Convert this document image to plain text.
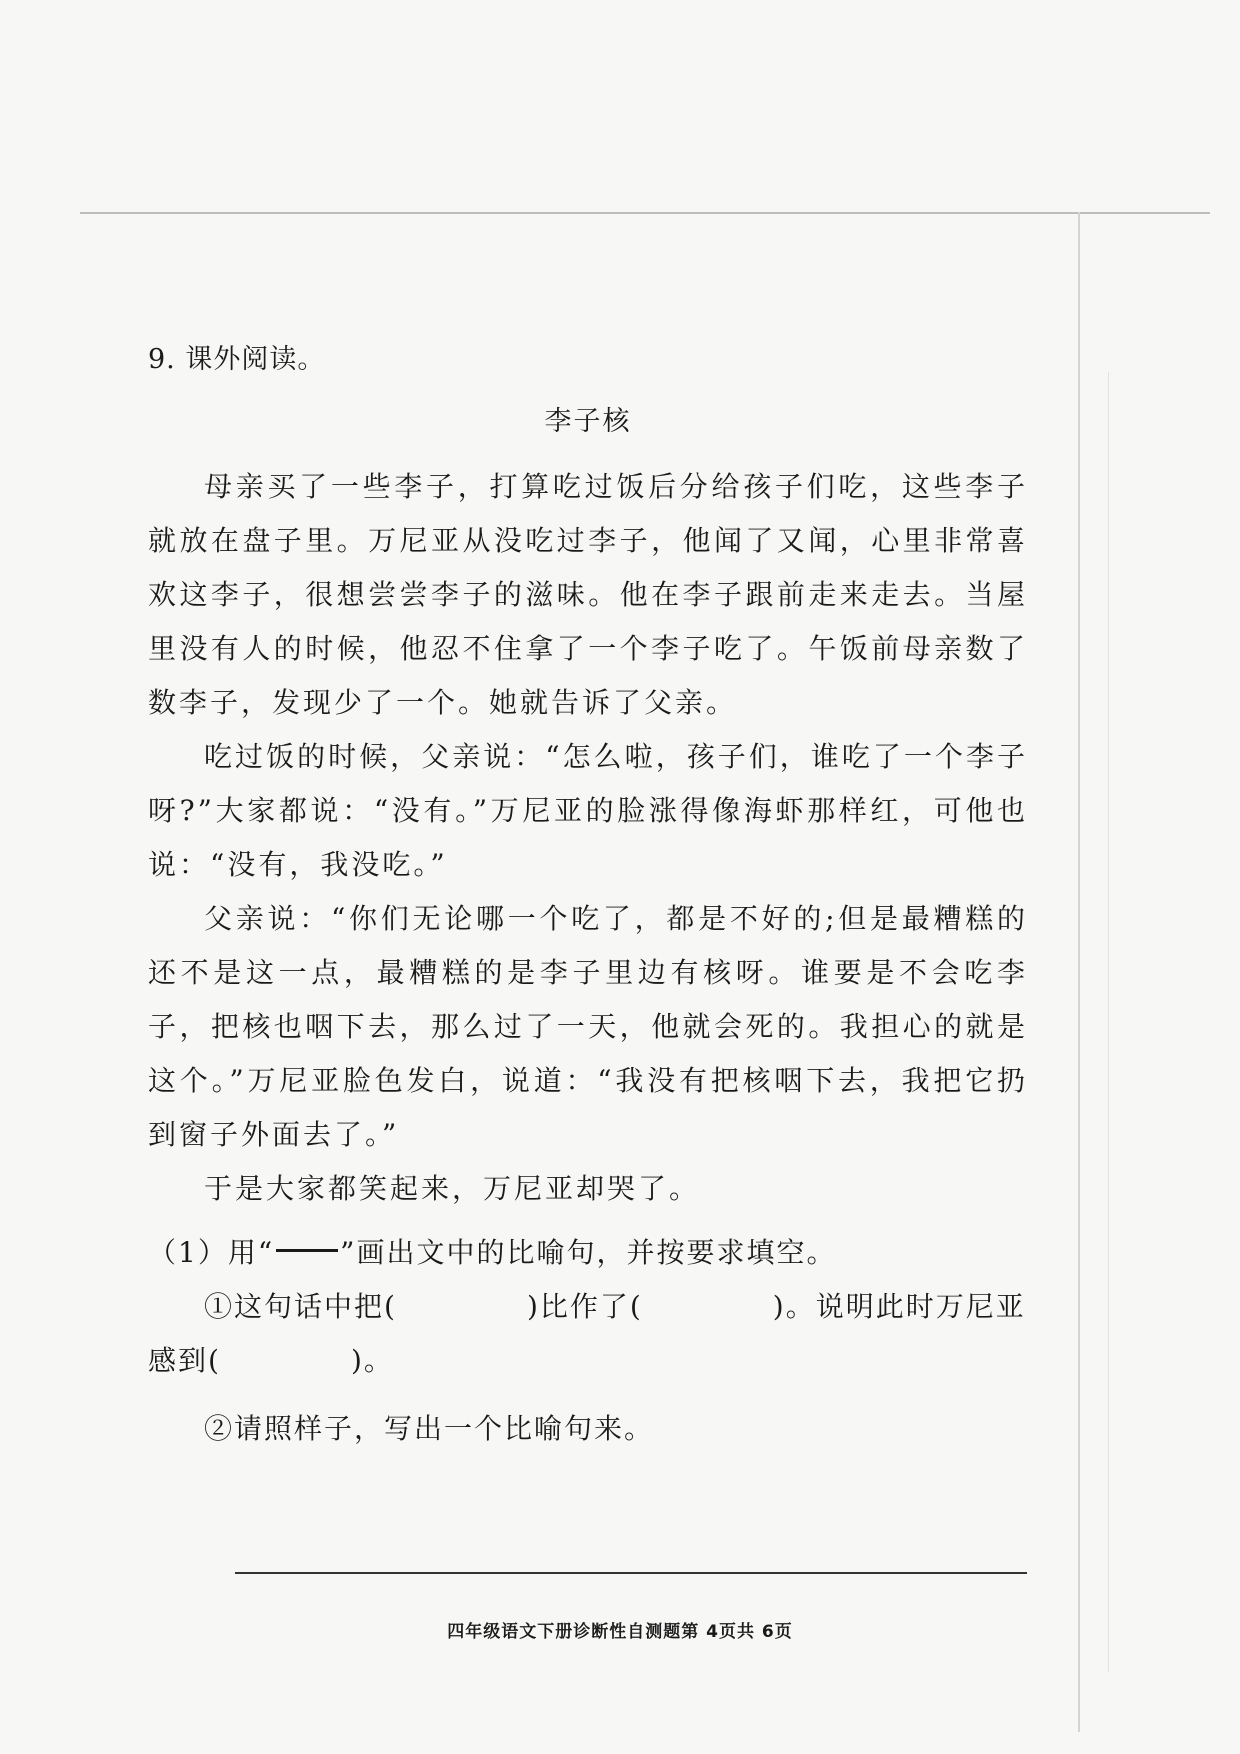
9. 课外阅读。

李子核

母亲买了一些李子，打算吃过饭后分给孩子们吃，这些李子就放在盘子里。万尼亚从没吃过李子，他闻了又闻，心里非常喜欢这李子，很想尝尝李子的滋味。他在李子跟前走来走去。当屋里没有人的时候，他忍不住拿了一个李子吃了。午饭前母亲数了数李子，发现少了一个。她就告诉了父亲。

吃过饭的时候，父亲说：“怎么啦，孩子们，谁吃了一个李子呀?”大家都说：“没有。”万尼亚的脸涨得像海虾那样红，可他也说：“没有，我没吃。”

父亲说：“你们无论哪一个吃了，都是不好的;但是最糟糕的还不是这一点，最糟糕的是李子里边有核呀。谁要是不会吃李子，把核也咽下去，那么过了一天，他就会死的。我担心的就是这个。”万尼亚脸色发白，说道：“我没有把核咽下去，我把它扔到窗子外面去了。”

于是大家都笑起来，万尼亚却哭了。

（1）用“ ”画出文中的比喻句，并按要求填空。

①这句话中把(	)比作了(	)。说明此时万尼亚感到(	)。

②请照样子，写出一个比喻句来。

四年级语文下册诊断性自测题第 4页共 6页
